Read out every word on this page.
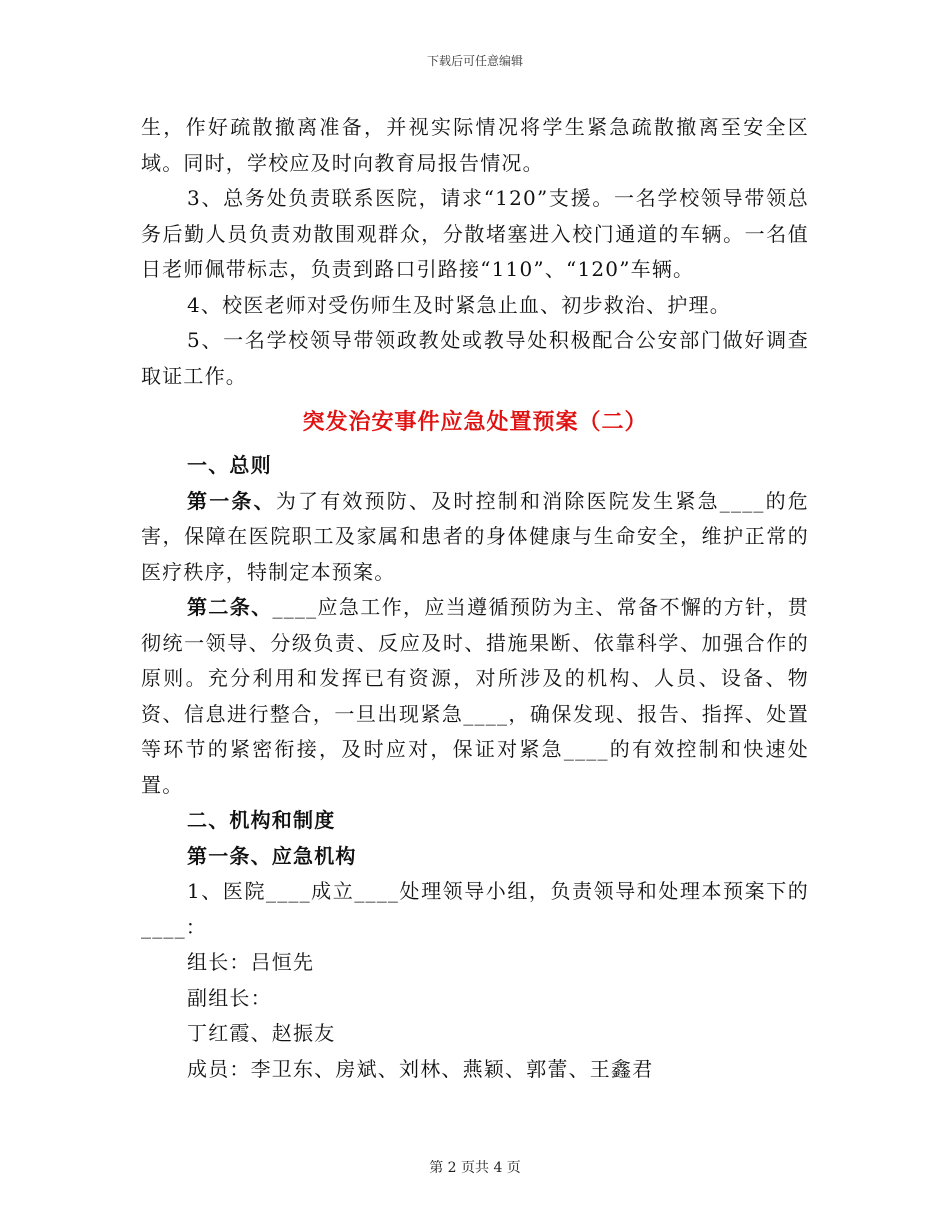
下载后可任意编辑

生，作好疏散撤离准备，并视实际情况将学生紧急疏散撤离至安全区域。同时，学校应及时向教育局报告情况。

3、总务处负责联系医院，请求“120”支援。一名学校领导带领总务后勤人员负责劝散围观群众，分散堵塞进入校门通道的车辆。一名值日老师佩带标志，负责到路口引路接“110”、“120”车辆。

4、校医老师对受伤师生及时紧急止血、初步救治、护理。

5、一名学校领导带领政教处或教导处积极配合公安部门做好调查取证工作。

突发治安事件应急处置预案（二）

一、总则

第一条、为了有效预防、及时控制和消除医院发生紧急____的危害，保障在医院职工及家属和患者的身体健康与生命安全，维护正常的医疗秩序，特制定本预案。

第二条、____应急工作，应当遵循预防为主、常备不懈的方针，贯彻统一领导、分级负责、反应及时、措施果断、依靠科学、加强合作的原则。充分利用和发挥已有资源，对所涉及的机构、人员、设备、物资、信息进行整合，一旦出现紧急____，确保发现、报告、指挥、处置等环节的紧密衔接，及时应对，保证对紧急____的有效控制和快速处置。

二、机构和制度

第一条、应急机构

1、医院____成立____处理领导小组，负责领导和处理本预案下的____：

组长：吕恒先

副组长：

丁红霞、赵振友

成员：李卫东、房斌、刘林、燕颖、郭蕾、王鑫君

第 2 页共 4 页
